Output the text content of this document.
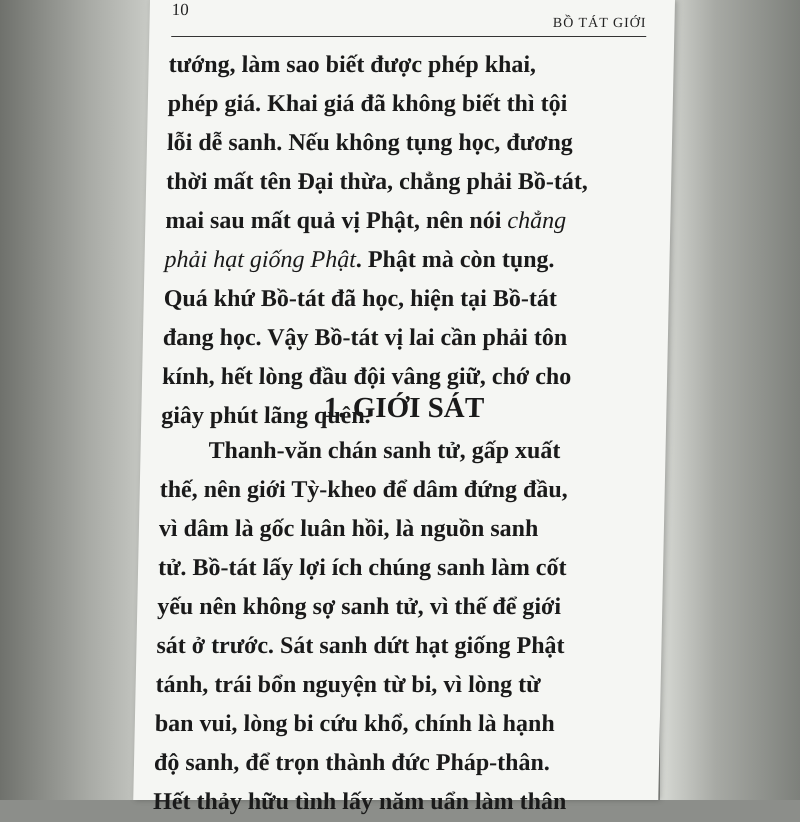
10
BỒ TÁT GIỚI

tướng, làm sao biết được phép khai,
phép giá. Khai giá đã không biết thì tội
lỗi dễ sanh. Nếu không tụng học, đương
thời mất tên Đại thừa, chẳng phải Bồ-tát,
mai sau mất quả vị Phật, nên nói chẳng
phải hạt giống Phật. Phật mà còn tụng.
Quá khứ Bồ-tát đã học, hiện tại Bồ-tát
đang học. Vậy Bồ-tát vị lai cần phải tôn
kính, hết lòng đầu đội vâng giữ, chớ cho
giây phút lãng quên.

1. GIỚI SÁT

Thanh-văn chán sanh tử, gấp xuất
thế, nên giới Tỳ-kheo để dâm đứng đầu,
vì dâm là gốc luân hồi, là nguồn sanh
tử. Bồ-tát lấy lợi ích chúng sanh làm cốt
yếu nên không sợ sanh tử, vì thế để giới
sát ở trước. Sát sanh dứt hạt giống Phật
tánh, trái bổn nguyện từ bi, vì lòng từ
ban vui, lòng bi cứu khổ, chính là hạnh
độ sanh, để trọn thành đức Pháp-thân.
Hết thảy hữu tình lấy năm uẩn làm thân
